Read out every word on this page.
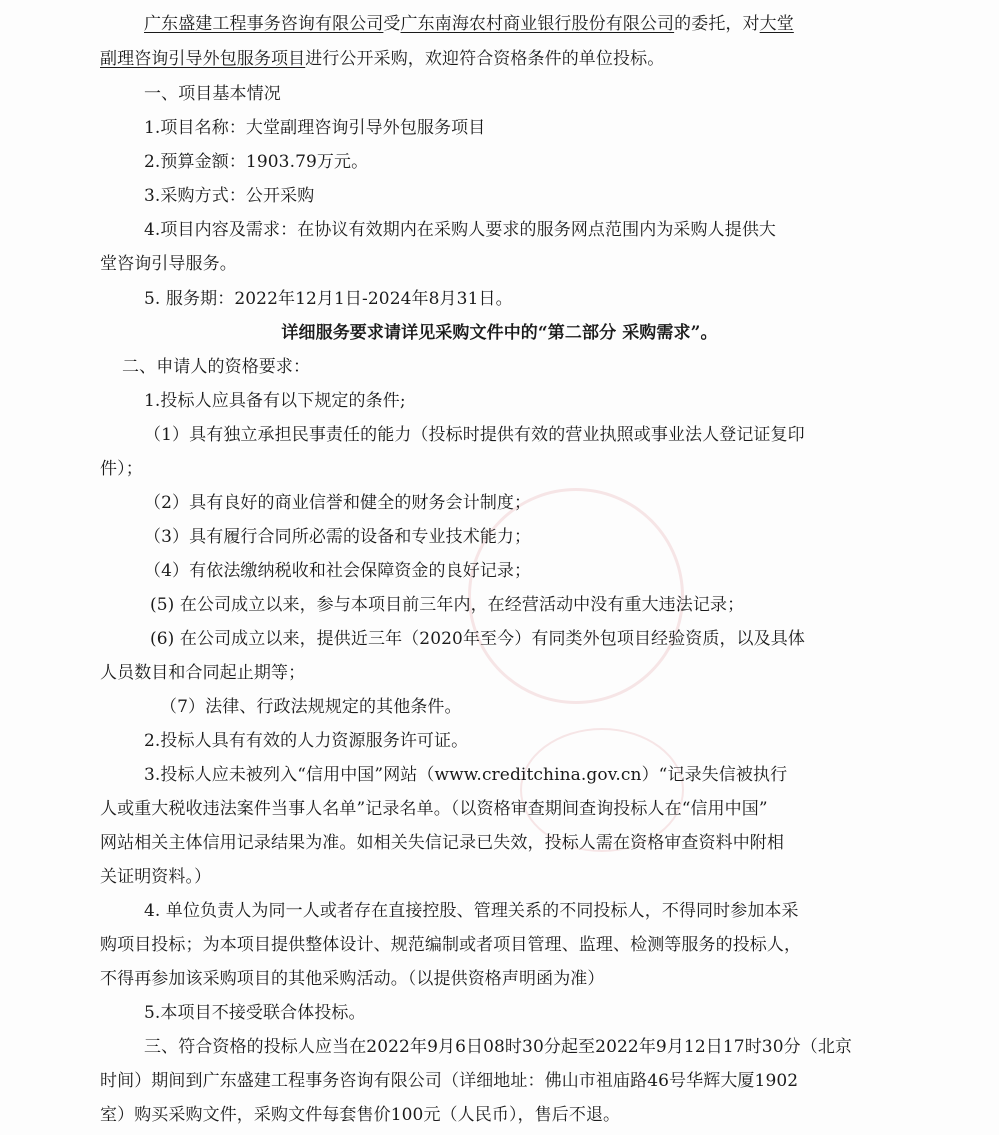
广东盛建工程事务咨询有限公司受广东南海农村商业银行股份有限公司的委托，对大堂
副理咨询引导外包服务项目进行公开采购，欢迎符合资格条件的单位投标。
一、项目基本情况
1.项目名称：大堂副理咨询引导外包服务项目
2.预算金额：1903.79万元。
3.采购方式：公开采购
4.项目内容及需求：在协议有效期内在采购人要求的服务网点范围内为采购人提供大
堂咨询引导服务。
5. 服务期：2022年12月1日-2024年8月31日。
详细服务要求请详见采购文件中的“第二部分 采购需求”。
二、申请人的资格要求：
1.投标人应具备有以下规定的条件;
（1）具有独立承担民事责任的能力（投标时提供有效的营业执照或事业法人登记证复印
件）；
（2）具有良好的商业信誉和健全的财务会计制度；
（3）具有履行合同所必需的设备和专业技术能力；
（4）有依法缴纳税收和社会保障资金的良好记录；
(5) 在公司成立以来，参与本项目前三年内，在经营活动中没有重大违法记录；
(6) 在公司成立以来，提供近三年（2020年至今）有同类外包项目经验资质，以及具体
人员数目和合同起止期等；
（7）法律、行政法规规定的其他条件。
2.投标人具有有效的人力资源服务许可证。
3.投标人应未被列入“信用中国”网站（www.creditchina.gov.cn）“记录失信被执行
人或重大税收违法案件当事人名单”记录名单。（以资格审查期间查询投标人在“信用中国”
网站相关主体信用记录结果为准。如相关失信记录已失效，投标人需在资格审查资料中附相
关证明资料。）
4. 单位负责人为同一人或者存在直接控股、管理关系的不同投标人，不得同时参加本采
购项目投标；为本项目提供整体设计、规范编制或者项目管理、监理、检测等服务的投标人，
不得再参加该采购项目的其他采购活动。（以提供资格声明函为准）
5.本项目不接受联合体投标。
三、符合资格的投标人应当在2022年9月6日08时30分起至2022年9月12日17时30分（北京
时间）期间到广东盛建工程事务咨询有限公司（详细地址：佛山市祖庙路46号华辉大厦1902
室）购买采购文件，采购文件每套售价100元（人民币），售后不退。
